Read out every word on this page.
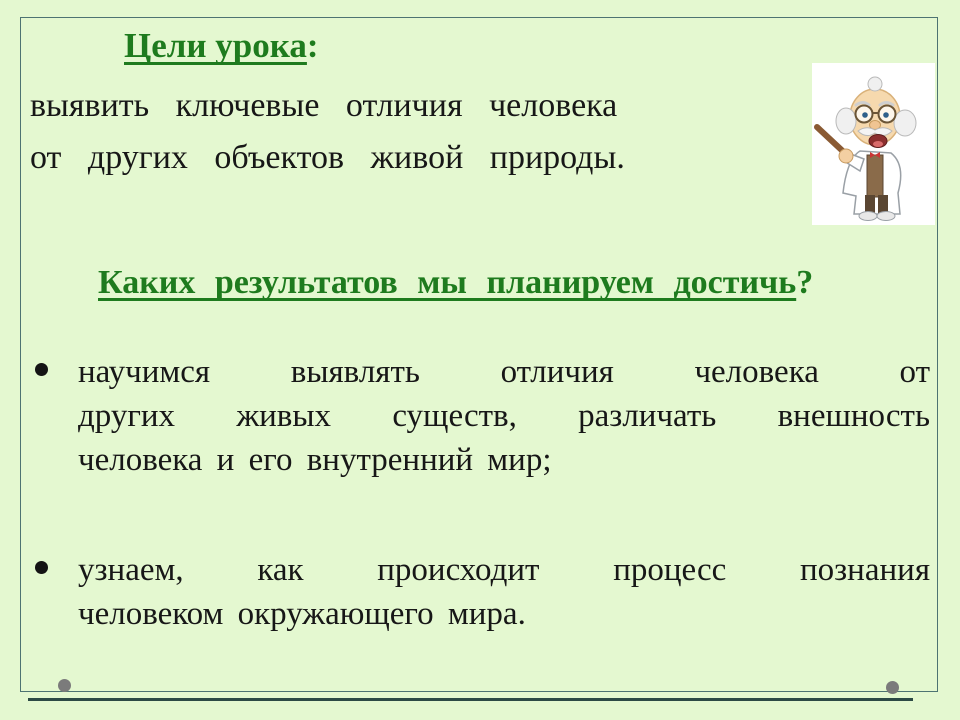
Цели урока:
выявить ключевые отличия человека
от других объектов живой природы.
Каких результатов мы планируем достичь?
научимся выявлять отличия человека от
других живых существ, различать внешность
человека и его внутренний мир;
узнаем, как происходит процесс познания
человеком окружающего мира.
